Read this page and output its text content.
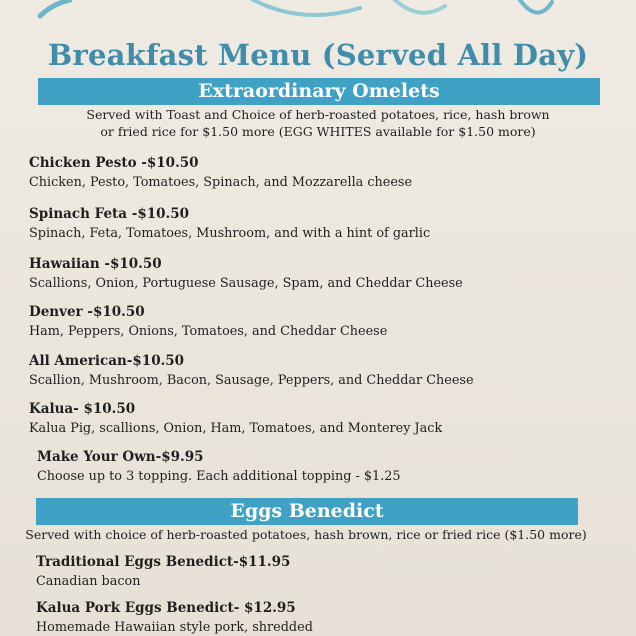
Breakfast Menu (Served All Day)
Extraordinary Omelets
Served with Toast and Choice of herb-roasted potatoes, rice, hash brown
or fried rice for $1.50 more (EGG WHITES available for $1.50 more)
Chicken Pesto -$10.50
Chicken, Pesto, Tomatoes, Spinach, and Mozzarella cheese
Spinach Feta -$10.50
Spinach, Feta, Tomatoes, Mushroom, and with a hint of garlic
Hawaiian -$10.50
Scallions, Onion, Portuguese Sausage, Spam, and Cheddar Cheese
Denver -$10.50
Ham, Peppers, Onions, Tomatoes, and Cheddar Cheese
All American-$10.50
Scallion, Mushroom, Bacon, Sausage, Peppers, and Cheddar Cheese
Kalua- $10.50
Kalua Pig, scallions, Onion, Ham, Tomatoes, and Monterey Jack
Make Your Own-$9.95
Choose up to 3 topping. Each additional topping - $1.25
Eggs Benedict
Served with choice of herb-roasted potatoes, hash brown, rice or fried rice ($1.50 more)
Traditional Eggs Benedict-$11.95
Canadian bacon
Kalua Pork Eggs Benedict- $12.95
Homemade Hawaiian style pork, shredded
